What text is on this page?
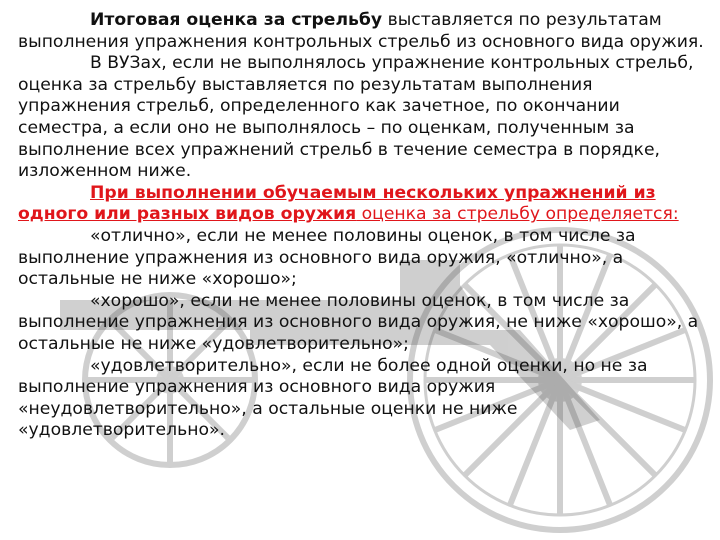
Итоговая оценка за стрельбу выставляется по результатам выполнения упражнения контрольных стрельб из основного вида оружия.

В ВУЗах, если не выполнялось упражнение контрольных стрельб, оценка за стрельбу выставляется по результатам выполнения упражнения стрельб, определенного как зачетное, по окончании семестра, а если оно не выполнялось – по оценкам, полученным за выполнение всех упражнений стрельб в течение семестра в порядке, изложенном ниже.

При выполнении обучаемым нескольких упражнений из одного или разных видов оружия оценка за стрельбу определяется:

«отлично», если не менее половины оценок, в том числе за выполнение упражнения из основного вида оружия, «отлично», а остальные не ниже «хорошо»;

«хорошо», если не менее половины оценок, в том числе за выполнение упражнения из основного вида оружия, не ниже «хорошо», а остальные не ниже «удовлетворительно»;

«удовлетворительно», если не более одной оценки, но не за выполнение упражнения из основного вида оружия «неудовлетворительно», а остальные оценки не ниже «удовлетворительно».
